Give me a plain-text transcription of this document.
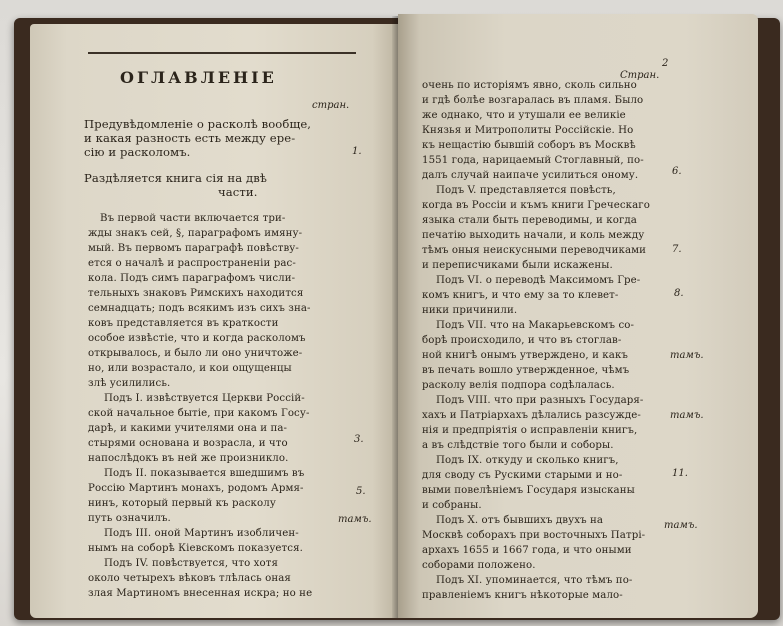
ОГЛАВЛЕНІЕ
стран.
Предувѣдомленіе о расколѣ вообще,
и какая разность есть между ере-
сію и расколомъ.	1.
Раздѣляется книга сія на двѣ
части.
Въ первой части включается три-
жды знакъ сей, §, параграфомъ имяну-
мый. Въ первомъ параграфѣ повѣству-
ется о началѣ и распространеніи рас-
кола. Подъ симъ параграфомъ числи-
тельныхъ знаковъ Римскихъ находится
семнадцать; подъ всякимъ изъ сихъ зна-
ковъ представляется въ краткости
особое извѣстіе, что и когда расколомъ
открывалось, и было ли оно уничтоже-
но, или возрастало, и кои ощущенцы
злѣ усилились.
Подъ I. извѣствуется Церкви Россій-
ской начальное бытіе, при какомъ Госу-
дарѣ, и какими учителями она и па-
стырями основана и возрасла, и что
напослѣдокъ въ ней же произникло.
Подъ II. показывается вшедшимъ въ
Россію Мартинъ монахъ, родомъ Армя-
нинъ, который первый къ расколу
путь означилъ.
Подъ III. оной Мартинъ изобличен-
нымъ на соборѣ Кіевскомъ показуется.
Подъ IV. повѣствуется, что хотя
около четырехъ вѣковъ тлѣлась оная
злая Мартиномъ внесенная искра; но не
3.
5.
тамъ.
2
Стран.
очень по исторіямъ явно, сколь сильно
и гдѣ болѣе возгаралась въ пламя. Было
же однако, что и утушали ее великіе
Князья и Митрополиты Россійскіе. Но
къ нещастію бывшій соборъ въ Москвѣ
1551 года, нарицаемый Стоглавный, по-
далъ случай наипаче усилиться оному.
Подъ V. представляется повѣсть,
когда въ Россіи и къмъ книги Греческаго
языка стали быть переводимы, и когда
печатію выходить начали, и коль между
тѣмъ оныя неискусными переводчиками
и переписчиками были искажены.
Подъ VI. о переводѣ Максимомъ Гре-
комъ книгъ, и что ему за то клевет-
ники причинили.
Подъ VII. что на Макарьевскомъ со-
борѣ происходило, и что въ стоглав-
ной книгѣ онымъ утверждено, и какъ
въ печать вошло утвержденное, чѣмъ
расколу велія подпора содѣлалась.
Подъ VIII. что при разныхъ Государя-
хахъ и Патріархахъ дѣлались разсужде-
нія и предпріятія о исправленіи книгъ,
а въ слѣдствіе того были и соборы.
Подъ IX. откуду и сколько книгъ,
для своду съ Рускими старыми и но-
выми повелѣніемъ Государя изысканы
и собраны.
Подъ X. отъ бывшихъ двухъ на
Москвѣ соборахъ при восточныхъ Патрі-
архахъ 1655 и 1667 года, и что оными
соборами положено.
Подъ XI. упоминается, что тѣмъ по-
правленіемъ книгъ нѣкоторые мало-
6.
7.
8.
тамъ.
тамъ.
11.
тамъ.
